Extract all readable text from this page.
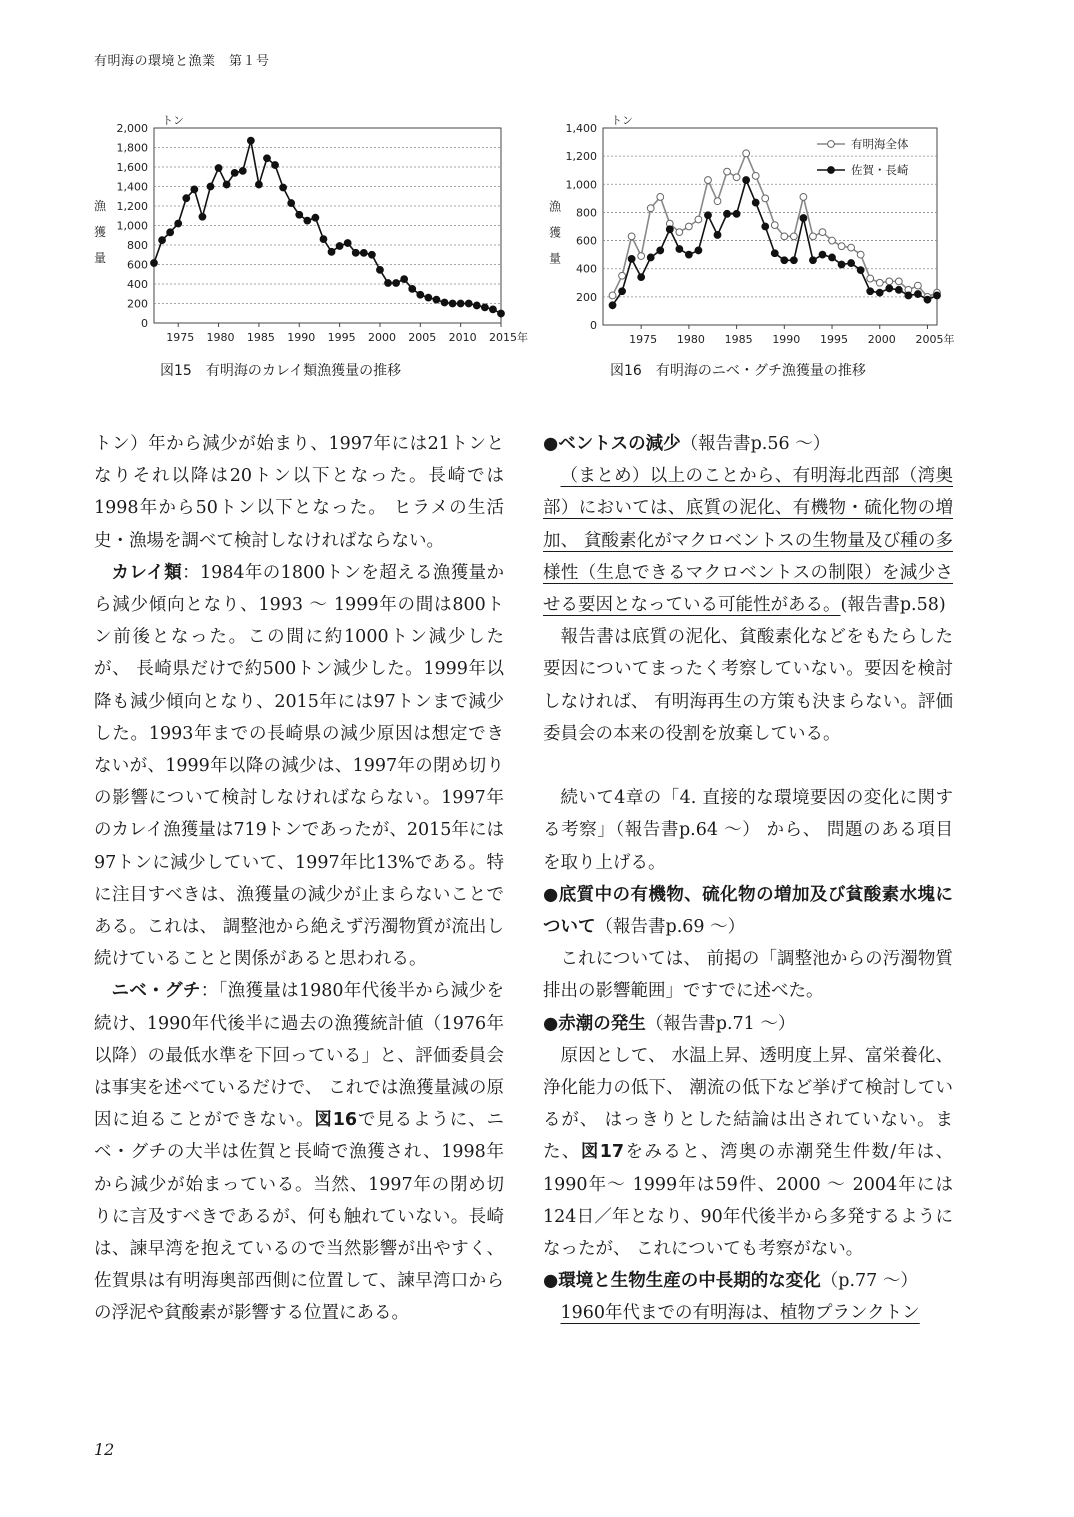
有明海の環境と漁業　第１号
0
200
400
600
800
1,000
1,200
1,400
1,600
1,800
2,000
1975 1980 1985 1990 1995 2000 2005 2010 2015年
トン
漁
獲
量
図15　有明海のカレイ類漁獲量の推移
0
200
400
600
800
1,000
1,200
1,400
1975 1980 1985 1990 1995 2000 2005年
トン
漁
獲
量
有明海全体
佐賀・長崎
図16　有明海のニベ・グチ漁獲量の推移

トン）年から減少が始まり、1997年には21トンとなりそれ以降は20トン以下となった。長崎では1998年から50トン以下となった。 ヒラメの生活史・漁場を調べて検討しなければならない。

カレイ類：1984年の1800トンを超える漁獲量から減少傾向となり、1993 ～ 1999年の間は800トン前後となった。この間に約1000トン減少したが、 長崎県だけで約500トン減少した。1999年以降も減少傾向となり、2015年には97トンまで減少した。1993年までの長崎県の減少原因は想定できないが、1999年以降の減少は、1997年の閉め切りの影響について検討しなければならない。1997年のカレイ漁獲量は719トンであったが、2015年には97トンに減少していて、1997年比13%である。特に注目すべきは、漁獲量の減少が止まらないことである。これは、 調整池から絶えず汚濁物質が流出し続けていることと関係があると思われる。

ニベ・グチ：「漁獲量は1980年代後半から減少を続け、1990年代後半に過去の漁獲統計値（1976年以降）の最低水準を下回っている」と、評価委員会は事実を述べているだけで、 これでは漁獲量減の原因に迫ることができない。図16で見るように、ニベ・グチの大半は佐賀と長崎で漁獲され、1998年から減少が始まっている。当然、1997年の閉め切りに言及すべきであるが、何も触れていない。長崎は、諫早湾を抱えているので当然影響が出やすく、佐賀県は有明海奥部西側に位置して、諫早湾口からの浮泥や貧酸素が影響する位置にある。

●ベントスの減少（報告書p.56 ～）

（まとめ）以上のことから、有明海北西部（湾奥部）においては、底質の泥化、有機物・硫化物の増加、 貧酸素化がマクロベントスの生物量及び種の多様性（生息できるマクロベントスの制限）を減少させる要因となっている可能性がある。(報告書p.58)

報告書は底質の泥化、貧酸素化などをもたらした要因についてまったく考察していない。要因を検討しなければ、 有明海再生の方策も決まらない。評価委員会の本来の役割を放棄している。

続いて4章の「4. 直接的な環境要因の変化に関する考察」（報告書p.64 ～） から、 問題のある項目を取り上げる。

●底質中の有機物、硫化物の増加及び貧酸素水塊について（報告書p.69 ～）

これについては、 前掲の「調整池からの汚濁物質排出の影響範囲」ですでに述べた。

●赤潮の発生（報告書p.71 ～）

原因として、 水温上昇、透明度上昇、富栄養化、浄化能力の低下、 潮流の低下など挙げて検討しているが、 はっきりとした結論は出されていない。また、図17をみると、湾奥の赤潮発生件数/年は、1990年～ 1999年は59件、2000 ～ 2004年には124日／年となり、90年代後半から多発するようになったが、 これについても考察がない。

●環境と生物生産の中長期的な変化（p.77 ～）

1960年代までの有明海は、植物プランクトン

12
